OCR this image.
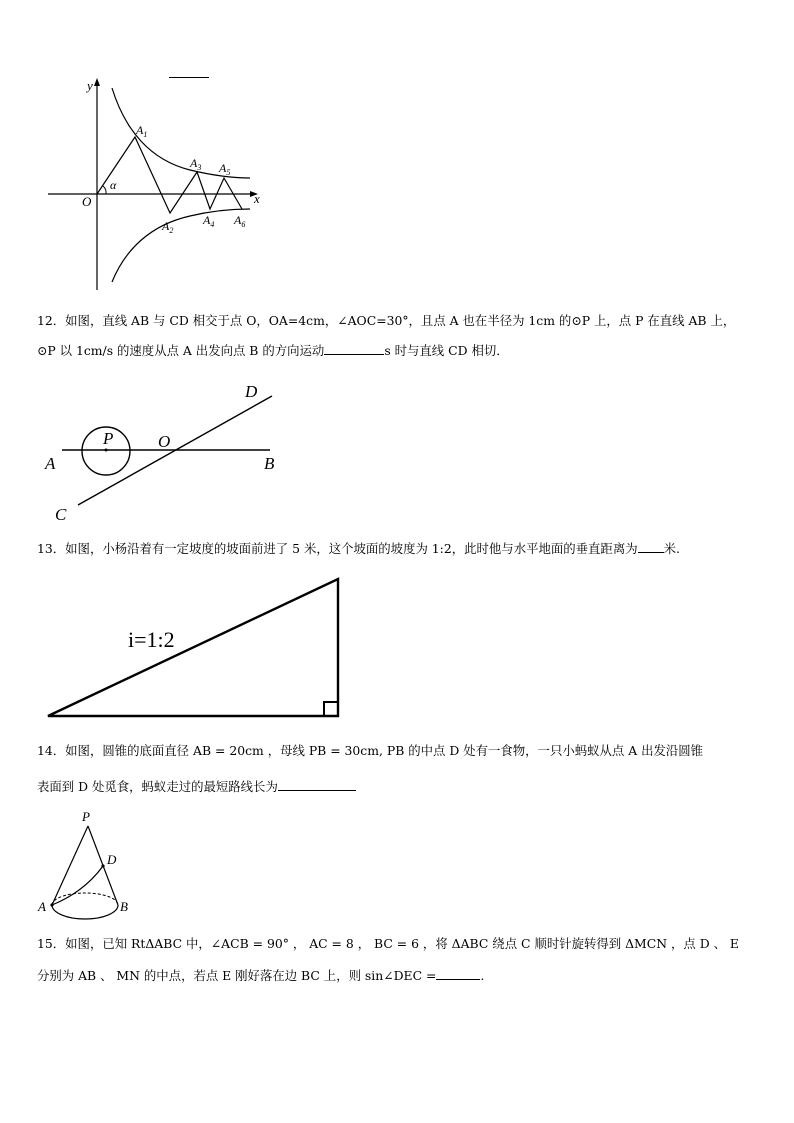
y
x
O
α
$A_1$
$A_2$
$A_3$
$A_4$
$A_5$
$A_6$
12．如图，直线 AB 与 CD 相交于点 O，OA=4cm，∠AOC=30°，且点 A 也在半径为 1cm 的⊙P 上，点 P 在直线 AB 上，
⊙P 以 1cm/s 的速度从点 A 出发向点 B 的方向运动	s 时与直线 CD 相切．
A	B
C
D
P	O
13．如图，小杨沿着有一定坡度的坡面前进了 5 米，这个坡面的坡度为 1:2，此时他与水平地面的垂直距离为 米.
i=1:2
14．如图，圆锥的底面直径 AB = 20cm ，母线 PB = 30cm, PB 的中点 D 处有一食物，一只小蚂蚁从点 A 出发沿圆锥
表面到 D 处觅食，蚂蚁走过的最短路线长为
P
D
A	B
15．如图，已知 RtΔABC 中，∠ACB = 90° ， AC = 8 ， BC = 6 ，将 ΔABC 绕点 C 顺时针旋转得到 ΔMCN ，点 D 、 E
分别为 AB 、 MN 的中点，若点 E 刚好落在边 BC 上，则 sin∠DEC =	.
